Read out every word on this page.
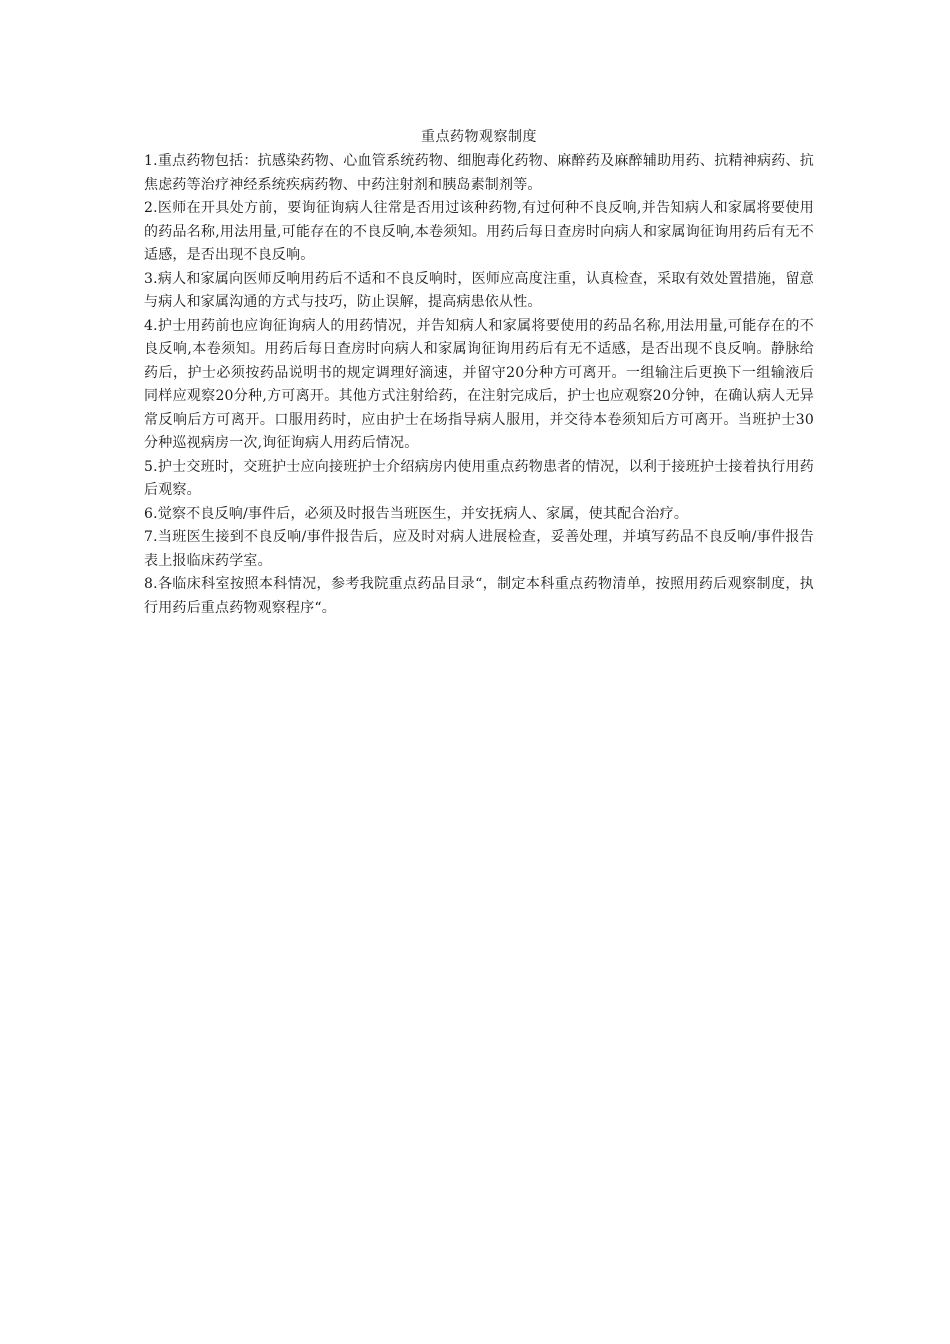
重点药物观察制度

1.重点药物包括：抗感染药物、心血管系统药物、细胞毒化药物、麻醉药及麻醉辅助用药、抗精神病药、抗焦虑药等治疗神经系统疾病药物、中药注射剂和胰岛素制剂等。

2.医师在开具处方前，要询征询病人往常是否用过该种药物,有过何种不良反响,并告知病人和家属将要使用的药品名称,用法用量,可能存在的不良反响,本卷须知。用药后每日查房时向病人和家属询征询用药后有无不适感，是否出现不良反响。

3.病人和家属向医师反响用药后不适和不良反响时，医师应高度注重，认真检查，采取有效处置措施，留意与病人和家属沟通的方式与技巧，防止误解，提高病患依从性。

4.护士用药前也应询征询病人的用药情况，并告知病人和家属将要使用的药品名称,用法用量,可能存在的不良反响,本卷须知。用药后每日查房时向病人和家属询征询用药后有无不适感，是否出现不良反响。静脉给药后，护士必须按药品说明书的规定调理好滴速，并留守20分种方可离开。一组输注后更换下一组输液后同样应观察20分种,方可离开。其他方式注射给药，在注射完成后，护士也应观察20分钟，在确认病人无异常反响后方可离开。口服用药时，应由护士在场指导病人服用，并交待本卷须知后方可离开。当班护士30分种巡视病房一次,询征询病人用药后情况。

5.护士交班时，交班护士应向接班护士介绍病房内使用重点药物患者的情况，以利于接班护士接着执行用药后观察。

6.觉察不良反响/事件后，必须及时报告当班医生，并安抚病人、家属，使其配合治疗。

7.当班医生接到不良反响/事件报告后，应及时对病人进展检查，妥善处理，并填写药品不良反响/事件报告表上报临床药学室。

8.各临床科室按照本科情况，参考我院重点药品目录“，制定本科重点药物清单，按照用药后观察制度，执行用药后重点药物观察程序“。
